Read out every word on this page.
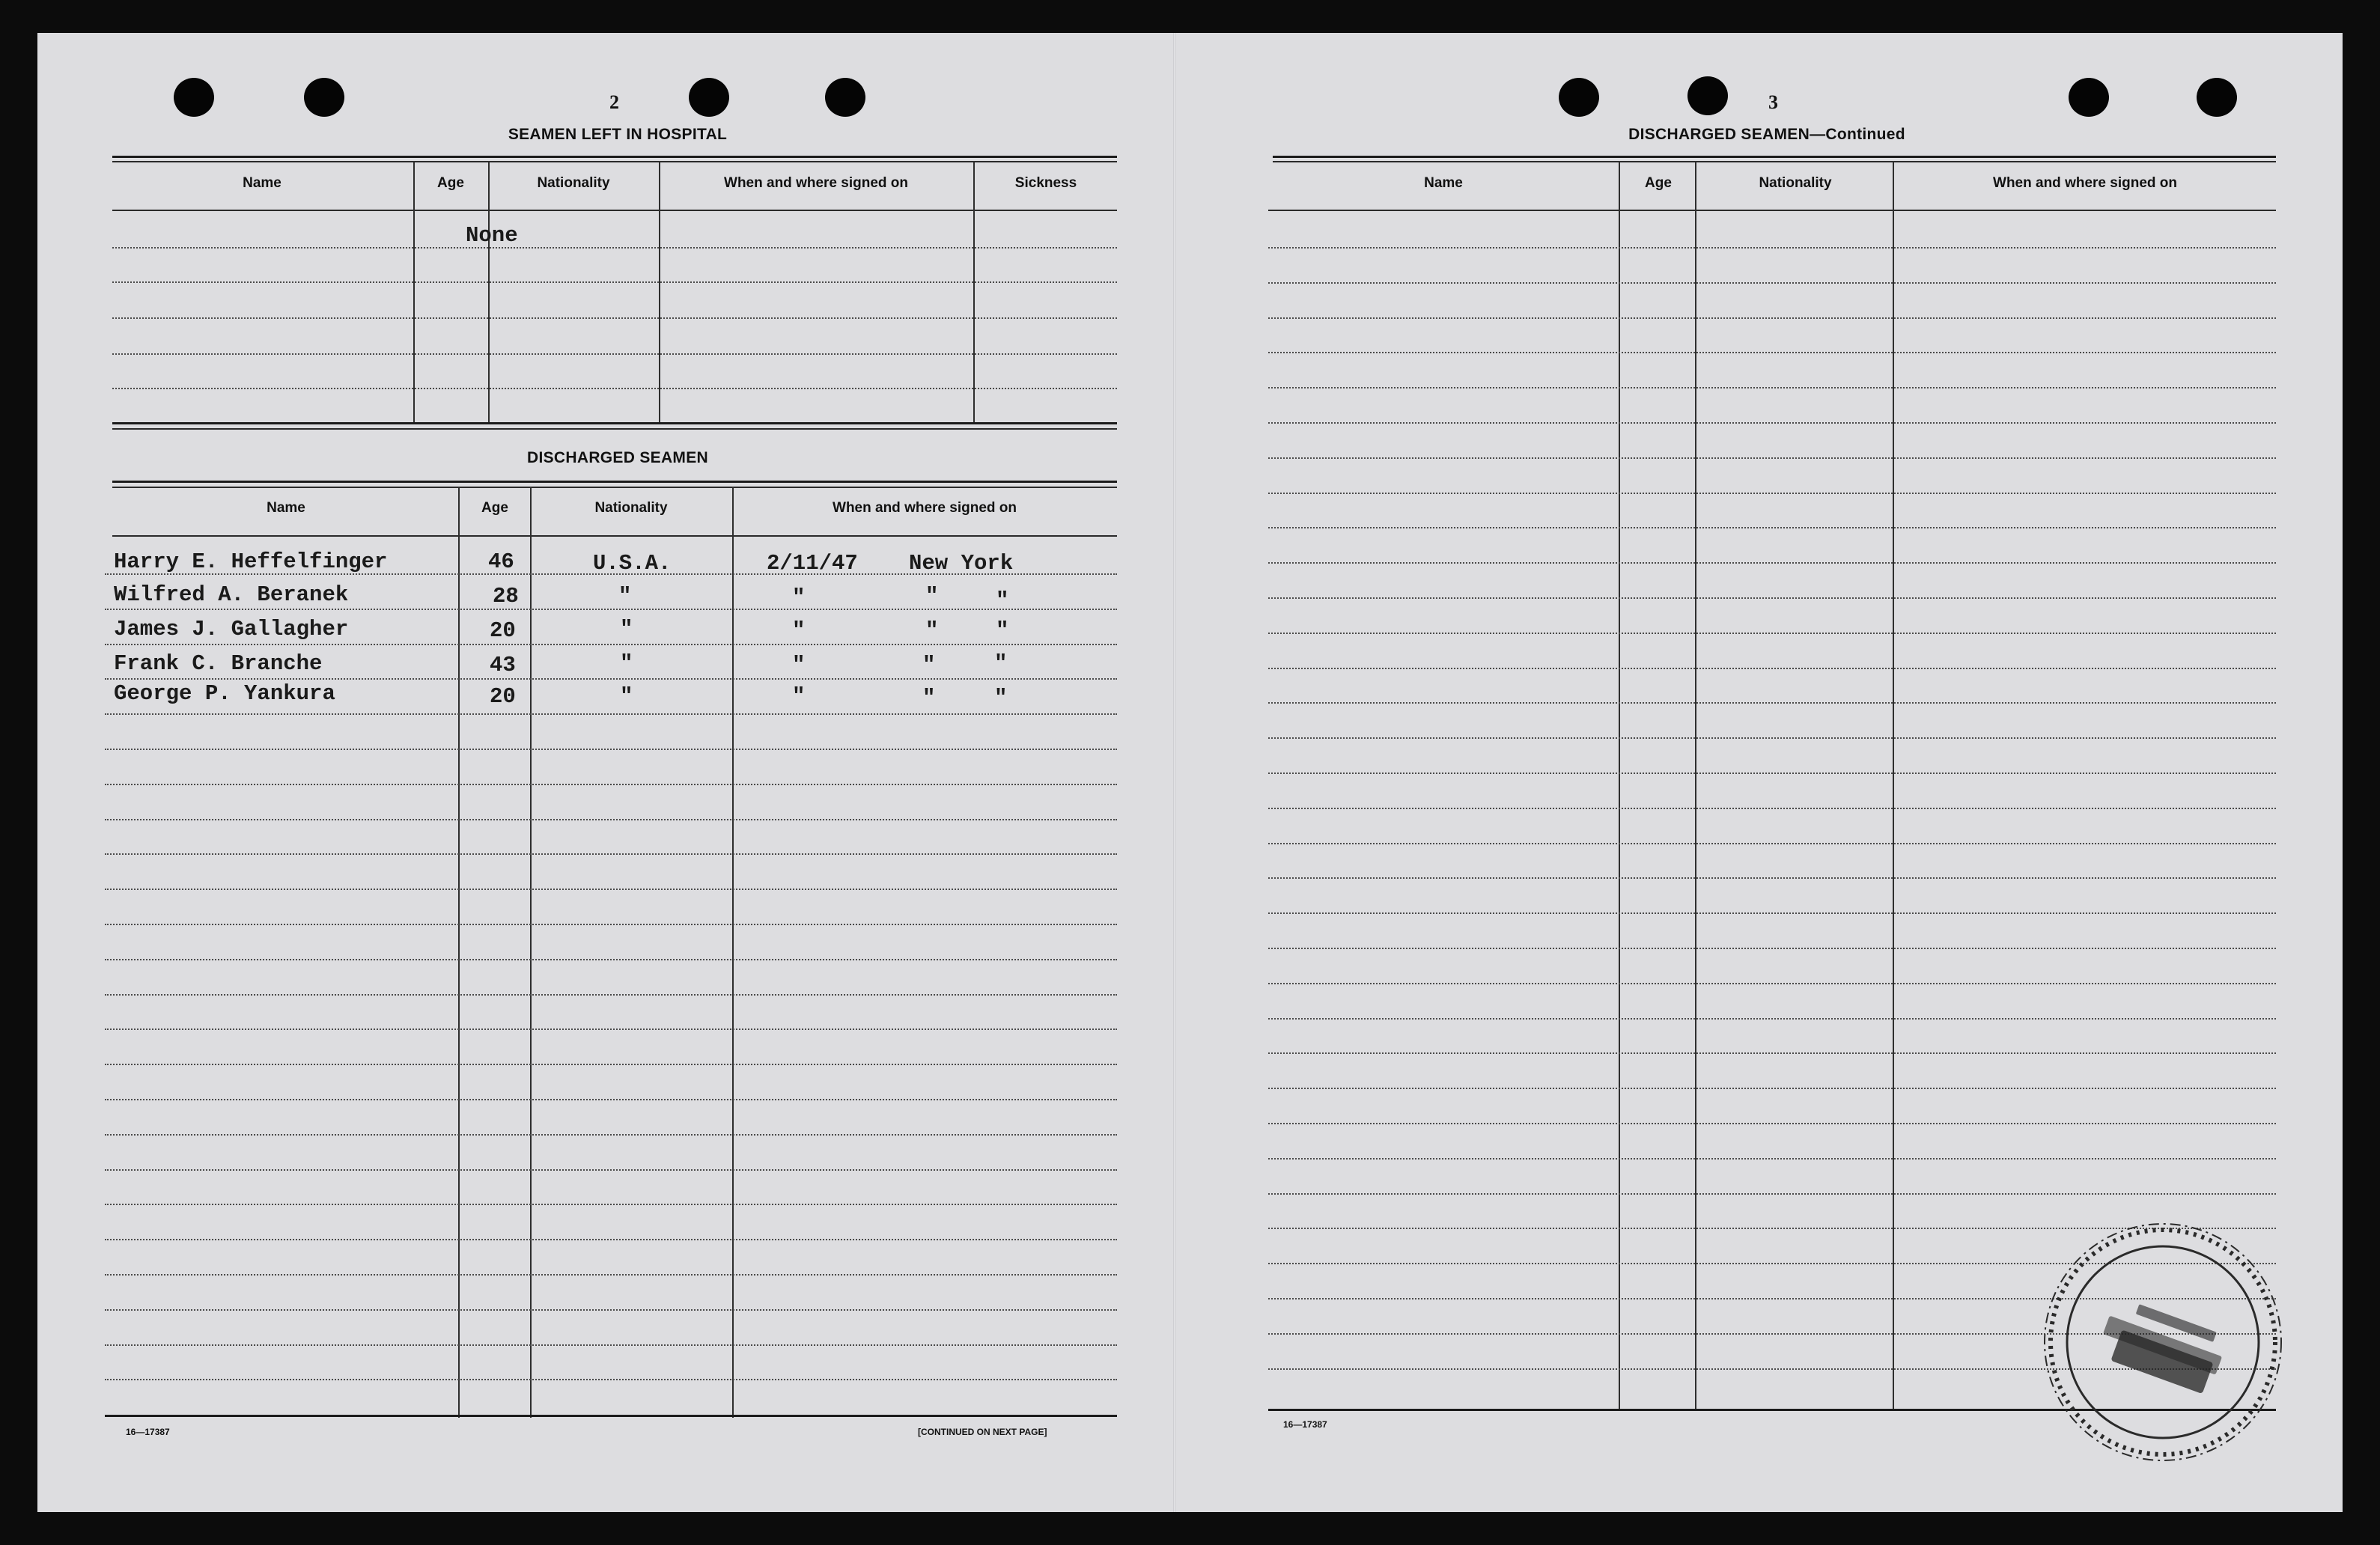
2
SEAMEN LEFT IN HOSPITAL
Name	Age	Nationality	When and where signed on	Sickness
None
DISCHARGED SEAMEN
Name	Age	Nationality	When and where signed on
Harry E. Heffelfinger	46	U.S.A.	2/11/47 New York
Wilfred A. Beranek	28	"	"	"	"
James J. Gallagher	20	"	"	"	"
Frank C. Branche	43	"	"	"	"
George P. Yankura	20	"	"	"	"
16—17387	[CONTINUED ON NEXT PAGE]
3
DISCHARGED SEAMEN—Continued
Name	Age	Nationality	When and where signed on
16—17387
